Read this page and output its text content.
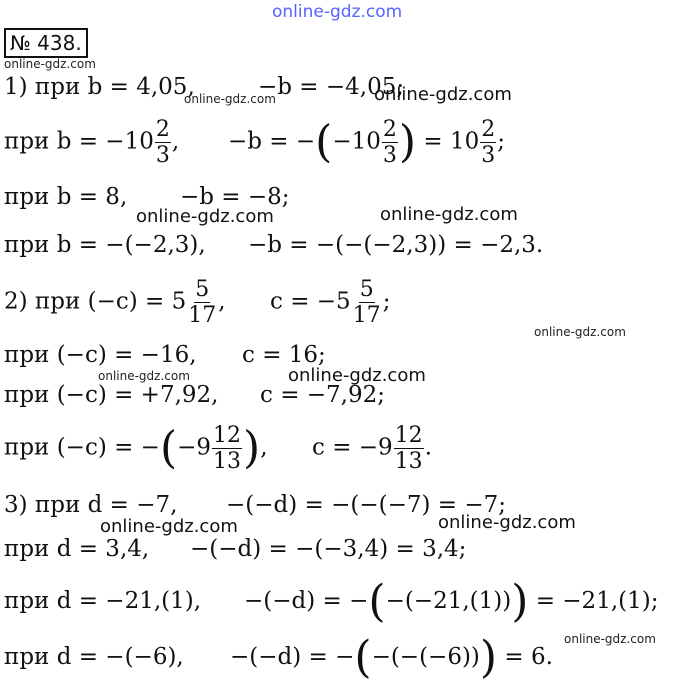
online-gdz.com
№ 438.
online-gdz.com
1) при b = 4,05,	−b = −4,05;
online-gdz.com	online-gdz.com
при $b = -10 \frac{2}{3}$ , $-b = -(-10 \frac{2}{3}$ ) = $10 \frac{2}{3}$ ;
при b = 8, −b = −8;
online-gdz.com	online-gdz.com
при b = −(−2,3), −b = −(−(−2,3)) = −2,3.
2) при $(-c) = 5 \frac{5}{17}$ , $c = -5 \frac{5}{17}$ ;
online-gdz.com
при (−c) = −16, c = 16;
online-gdz.com	online-gdz.com
при (−c) = +7,92, c = −7,92;
при $(-c) = -(-9 \frac{12}{13}$ ), $c = -9 \frac{12}{13}$ .
3) при d = −7, −(−d) = −(−(−7) = −7;
online-gdz.com	online-gdz.com
при d = 3,4, −(−d) = −(−3,4) = 3,4;
при d = −21,(1), −(−d) = −(−(−21,(1))) = −21,(1);
online-gdz.com
при d = −(−6), −(−d) = −(−(−(−6))) = 6.
